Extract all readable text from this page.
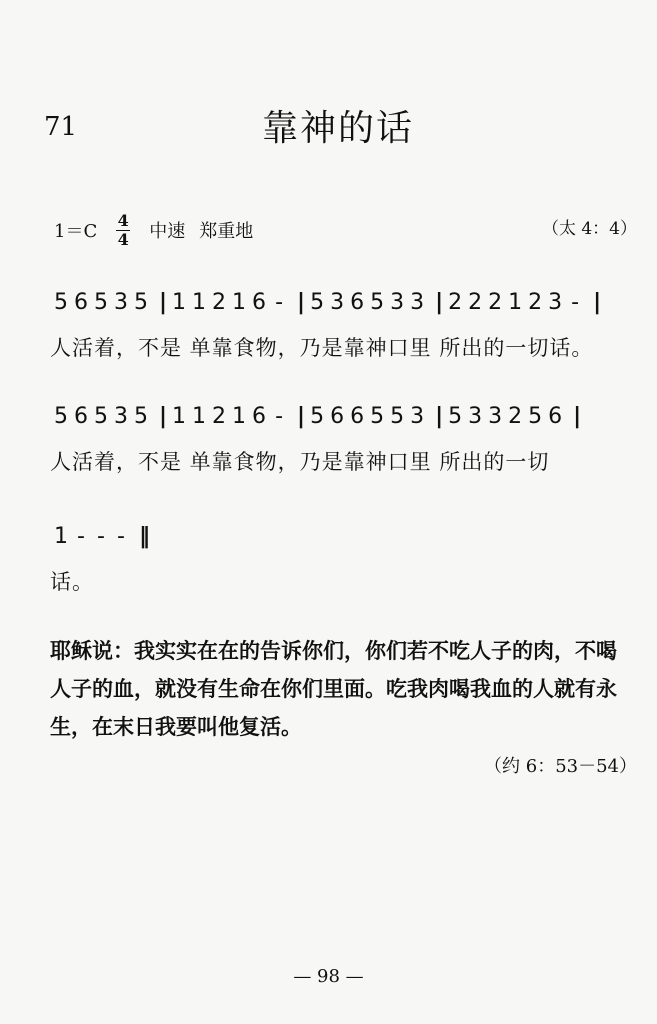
71	靠神的话
$1=C \frac{4}{4}$ 中速 郑重地	（太 4：4）
5 6 5 3 5 | 1 1 2 1 6 - | 5 3 6 5 3 3 | 2 2 2 1 2 3 - |
人活着，不是 单靠食物，乃是靠神口里 所出的一切话。
5 6 5 3 5 | 1 1 2 1 6 - | 5 6 6 5 5 3 | 5 3 3 2 5 6 |
人活着，不是 单靠食物，乃是靠神口里 所出的一切
1 - - - ‖
话。
耶稣说：我实实在在的告诉你们，你们若不吃人子的肉，不喝人子的血，就没有生命在你们里面。吃我肉喝我血的人就有永生，在末日我要叫他复活。
（约 6：53－54）
— 98 —
